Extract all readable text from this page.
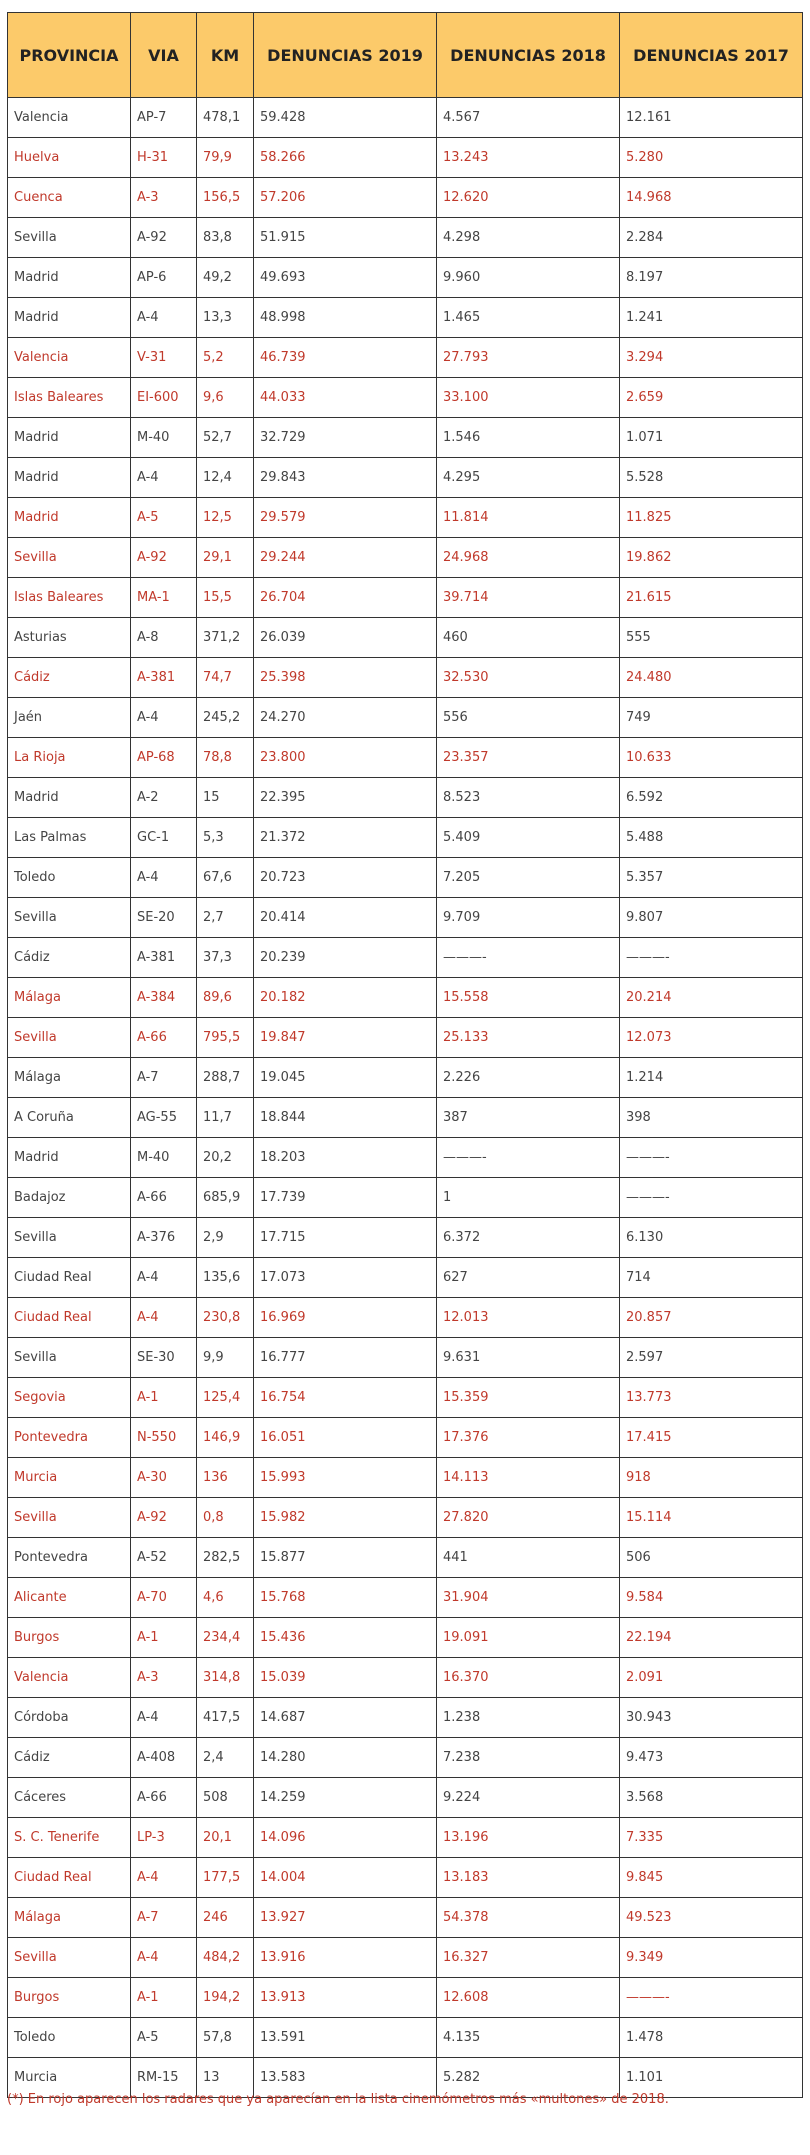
PROVINCIA	VIA	KM	DENUNCIAS 2019	DENUNCIAS 2018	DENUNCIAS 2017
Valencia	AP-7	478,1	59.428	4.567	12.161
Huelva	H-31	79,9	58.266	13.243	5.280
Cuenca	A-3	156,5	57.206	12.620	14.968
Sevilla	A-92	83,8	51.915	4.298	2.284
Madrid	AP-6	49,2	49.693	9.960	8.197
Madrid	A-4	13,3	48.998	1.465	1.241
Valencia	V-31	5,2	46.739	27.793	3.294
Islas Baleares	EI-600	9,6	44.033	33.100	2.659
Madrid	M-40	52,7	32.729	1.546	1.071
Madrid	A-4	12,4	29.843	4.295	5.528
Madrid	A-5	12,5	29.579	11.814	11.825
Sevilla	A-92	29,1	29.244	24.968	19.862
Islas Baleares	MA-1	15,5	26.704	39.714	21.615
Asturias	A-8	371,2	26.039	460	555
Cádiz	A-381	74,7	25.398	32.530	24.480
Jaén	A-4	245,2	24.270	556	749
La Rioja	AP-68	78,8	23.800	23.357	10.633
Madrid	A-2	15	22.395	8.523	6.592
Las Palmas	GC-1	5,3	21.372	5.409	5.488
Toledo	A-4	67,6	20.723	7.205	5.357
Sevilla	SE-20	2,7	20.414	9.709	9.807
Cádiz	A-381	37,3	20.239	———-	———-
Málaga	A-384	89,6	20.182	15.558	20.214
Sevilla	A-66	795,5	19.847	25.133	12.073
Málaga	A-7	288,7	19.045	2.226	1.214
A Coruña	AG-55	11,7	18.844	387	398
Madrid	M-40	20,2	18.203	———-	———-
Badajoz	A-66	685,9	17.739	1	———-
Sevilla	A-376	2,9	17.715	6.372	6.130
Ciudad Real	A-4	135,6	17.073	627	714
Ciudad Real	A-4	230,8	16.969	12.013	20.857
Sevilla	SE-30	9,9	16.777	9.631	2.597
Segovia	A-1	125,4	16.754	15.359	13.773
Pontevedra	N-550	146,9	16.051	17.376	17.415
Murcia	A-30	136	15.993	14.113	918
Sevilla	A-92	0,8	15.982	27.820	15.114
Pontevedra	A-52	282,5	15.877	441	506
Alicante	A-70	4,6	15.768	31.904	9.584
Burgos	A-1	234,4	15.436	19.091	22.194
Valencia	A-3	314,8	15.039	16.370	2.091
Córdoba	A-4	417,5	14.687	1.238	30.943
Cádiz	A-408	2,4	14.280	7.238	9.473
Cáceres	A-66	508	14.259	9.224	3.568
S. C. Tenerife	LP-3	20,1	14.096	13.196	7.335
Ciudad Real	A-4	177,5	14.004	13.183	9.845
Málaga	A-7	246	13.927	54.378	49.523
Sevilla	A-4	484,2	13.916	16.327	9.349
Burgos	A-1	194,2	13.913	12.608	———-
Toledo	A-5	57,8	13.591	4.135	1.478
Murcia	RM-15	13	13.583	5.282	1.101
(*) En rojo aparecen los radares que ya aparecían en la lista cinemómetros más «multones» de 2018.
